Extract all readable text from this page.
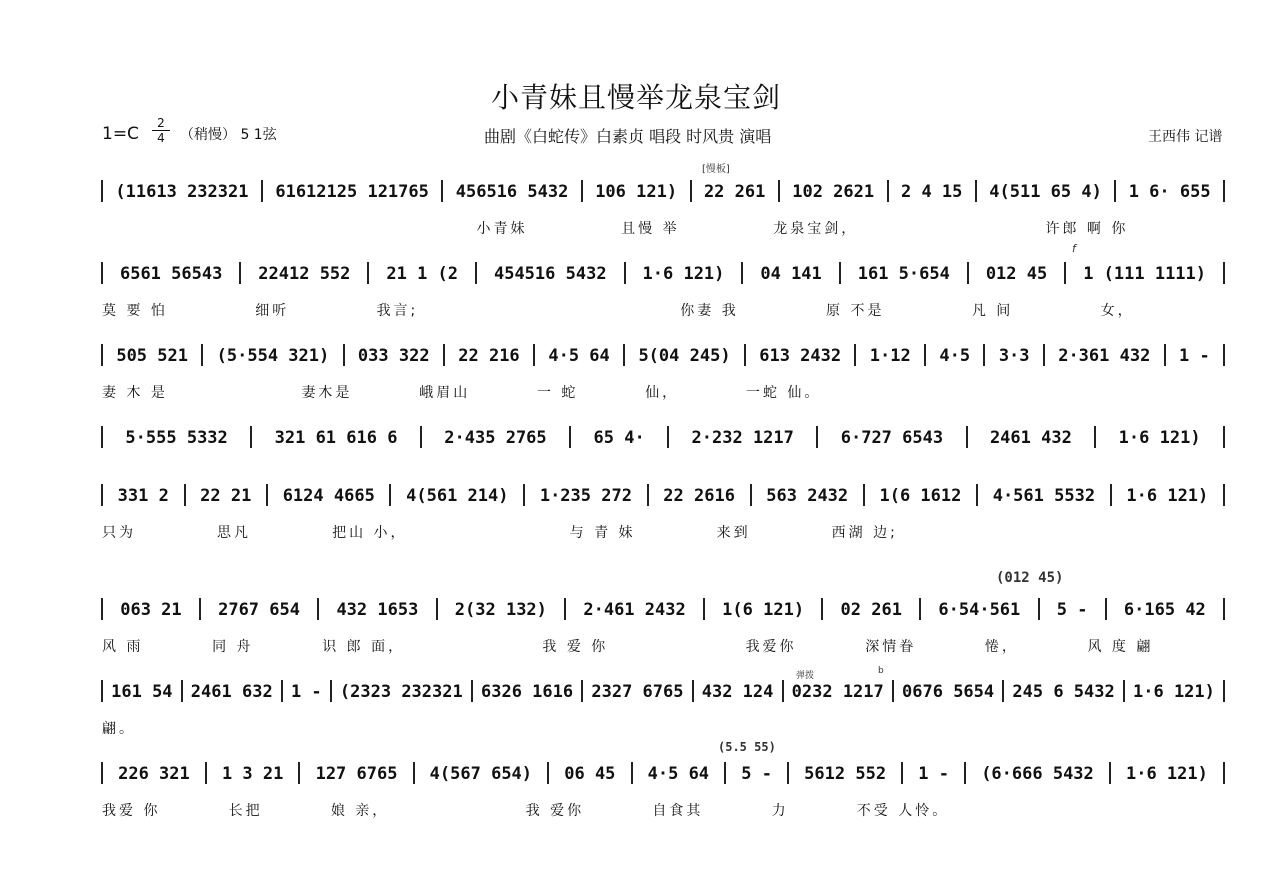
小青妹且慢举龙泉宝剑
1=C
2
4	（稍慢） 5 1弦	曲剧《白蛇传》白素贞 唱段 时风贵 演唱	王西伟 记谱
[慢板]
f
(012 45)
弹拨	b
(5.5 55)
(11613 232321	61612125 121765	456516 5432	106 121)	22 261	102 2621	2 4 15	4(511 65 4)	1 6· 655
小青妹	且慢 举	龙泉宝剑，	许郎 啊 你
6561 56543	22412 552	21 1 (2	454516 5432	1·6 121)	04 141	161 5·654	012 45	1 (111 1111)
莫 要 怕	细听	我言;	你妻 我	原 不是	凡 间	女，
505 521	(5·554 321)	033 322	22 216	4·5 64	5(04 245)	613 2432	1·12	4·5	3·3	2·361 432	1 -
妻 木 是	妻木是	峨眉山	一 蛇	仙，	一蛇 仙。
5·555 5332	321 61 616 6	2·435 2765	65 4·	2·232 1217	6·727 6543	2461 432	1·6 121)
331 2	22 21	6124 4665	4(561 214)	1·235 272	22 2616	563 2432	1(6 1612	4·561 5532	1·6 121)
只为	思凡	把山 小，	与 青 妹	来到	西湖 边;
063 21	2767 654	432 1653	2(32 132)	2·461 2432	1(6 121)	02 261	6·54·561	5 -	6·165 42
风 雨	同 舟	识 郎 面，	我 爱 你	我爱你	深情眷	惓，	风 度 翩
161 54	2461 632	1 -	(2323 232321	6326 1616	2327 6765	432 124	0232 1217	0676 5654	245 6 5432	1·6 121)
翩。
226 321	1 3 21	127 6765	4(567 654)	06 45	4·5 64	5 -	5612 552	1 -	(6·666 5432	1·6 121)
我爱 你	长把	娘 亲，	我 爱你	自食其	力	不受 人怜。
